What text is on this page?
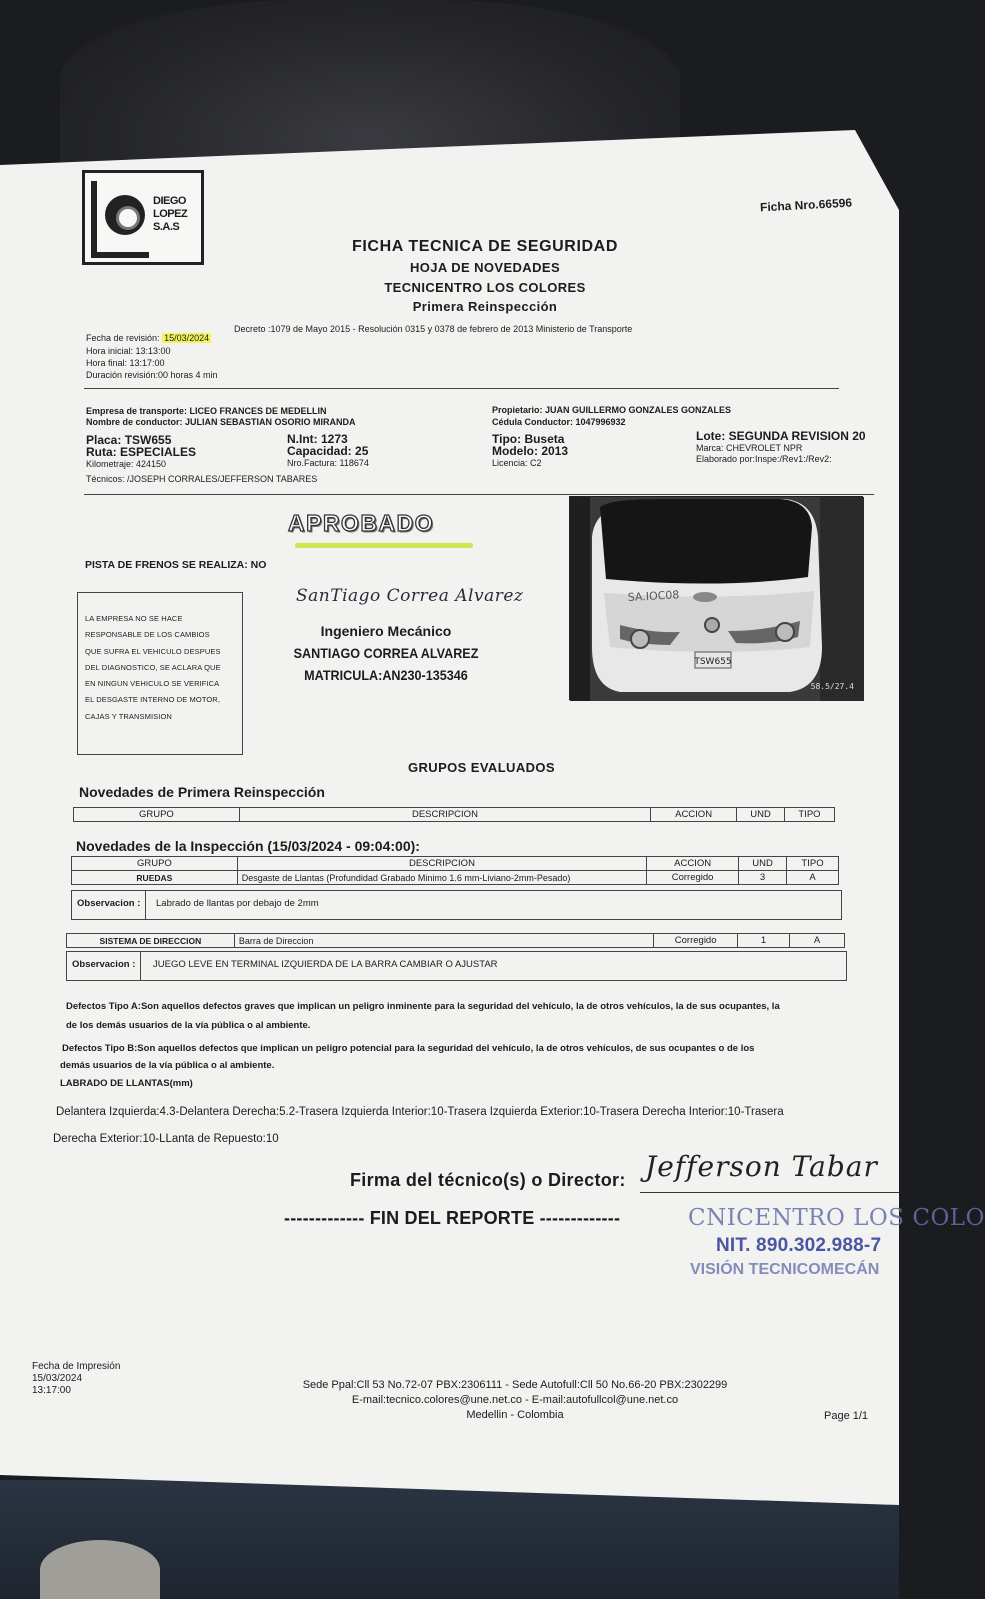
DIEGO
LOPEZ
S.A.S
Ficha Nro.66596
FICHA TECNICA DE SEGURIDAD
HOJA DE NOVEDADES
TECNICENTRO LOS COLORES
Primera Reinspección
Fecha de revisión: 15/03/2024
Decreto :1079 de Mayo 2015 - Resolución 0315 y 0378 de febrero de 2013 Ministerio de Transporte
Hora inicial: 13:13:00
Hora final: 13:17:00
Duración revisión:00 horas 4 min
Empresa de transporte: LICEO FRANCES DE MEDELLIN
Nombre de conductor: JULIAN SEBASTIAN OSORIO MIRANDA
Propietario: JUAN GUILLERMO GONZALES GONZALES
Cédula Conductor: 1047996932
Placa: TSW655
Ruta: ESPECIALES
Kilometraje: 424150
N.Int: 1273
Capacidad: 25
Nro.Factura: 118674
Tipo: Buseta
Modelo: 2013
Licencia: C2
Lote: SEGUNDA REVISION 20
Marca: CHEVROLET NPR
Elaborado por:Inspe:/Rev1:/Rev2:
Técnicos: /JOSEPH CORRALES/JEFFERSON TABARES
APROBADO
PISTA DE FRENOS SE REALIZA: NO
LA EMPRESA NO SE HACE
RESPONSABLE DE LOS CAMBIOS
QUE SUFRA EL VEHICULO DESPUES
DEL DIAGNOSTICO, SE ACLARA QUE
EN NINGUN VEHICULO SE VERIFICA
EL DESGASTE INTERNO DE MOTOR,
CAJAS Y TRANSMISION
SanTiago Correa Alvarez
Ingeniero Mecánico
SANTIAGO CORREA ALVAREZ
MATRICULA:AN230-135346
TSW655
SA.IOC08
58.5/27.4
GRUPOS EVALUADOS
Novedades de Primera Reinspección
GRUPO	DESCRIPCION	ACCION	UND	TIPO
Novedades de la Inspección (15/03/2024 - 09:04:00):
GRUPO	DESCRIPCION	ACCION	UND	TIPO
RUEDAS	Desgaste de Llantas (Profundidad Grabado Minimo 1.6 mm-Liviano-2mm-Pesado)	Corregido	3	A
Observacion :	Labrado de llantas por debajo de 2mm
SISTEMA DE DIRECCION	Barra de Direccion	Corregido	1	A
Observacion :	JUEGO LEVE EN TERMINAL IZQUIERDA DE LA BARRA CAMBIAR O AJUSTAR
Defectos Tipo A:Son aquellos defectos graves que implican un peligro inminente para la seguridad del vehículo, la de otros vehículos, la de sus ocupantes, la
de los demás usuarios de la vía pública o al ambiente.
Defectos Tipo B:Son aquellos defectos que implican un peligro potencial para la seguridad del vehículo, la de otros vehículos, de sus ocupantes o de los
demás usuarios de la vía pública o al ambiente.
LABRADO DE LLANTAS(mm)
Delantera Izquierda:4.3-Delantera Derecha:5.2-Trasera Izquierda Interior:10-Trasera Izquierda Exterior:10-Trasera Derecha Interior:10-Trasera
Derecha Exterior:10-LLanta de Repuesto:10
Firma del técnico(s) o Director: Jefferson Tabar
------------- FIN DEL REPORTE -------------	CNICENTRO LOS COLO
NIT. 890.302.988-7
VISIÓN TECNICOMECÁN
Fecha de Impresión
15/03/2024
13:17:00	Sede Ppal:Cll 53 No.72-07 PBX:2306111 - Sede Autofull:Cll 50 No.66-20 PBX:2302299
E-mail:tecnico.colores@une.net.co - E-mail:autofullcol@une.net.co
Medellin - Colombia	Page 1/1
